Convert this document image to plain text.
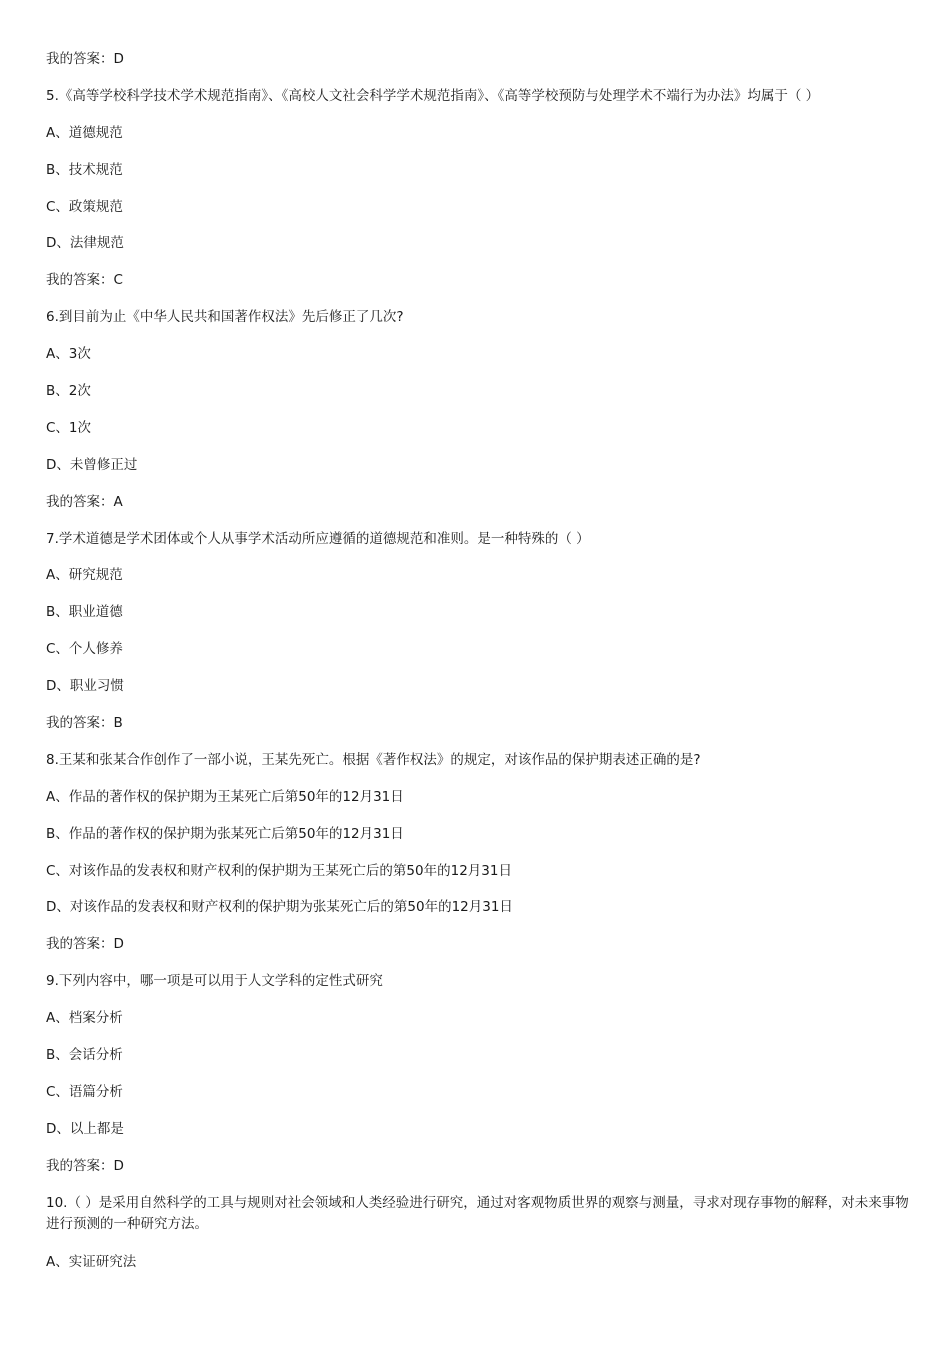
我的答案：D
5.《高等学校科学技术学术规范指南》、《高校人文社会科学学术规范指南》、《高等学校预防与处理学术不端行为办法》均属于（ ）
A、道德规范
B、技术规范
C、政策规范
D、法律规范
我的答案：C
6.到目前为止《中华人民共和国著作权法》先后修正了几次?
A、3次
B、2次
C、1次
D、未曾修正过
我的答案：A
7.学术道德是学术团体或个人从事学术活动所应遵循的道德规范和准则。是一种特殊的（ ）
A、研究规范
B、职业道德
C、个人修养
D、职业习惯
我的答案：B
8.王某和张某合作创作了一部小说，王某先死亡。根据《著作权法》的规定，对该作品的保护期表述正确的是?
A、作品的著作权的保护期为王某死亡后第50年的12月31日
B、作品的著作权的保护期为张某死亡后第50年的12月31日
C、对该作品的发表权和财产权利的保护期为王某死亡后的第50年的12月31日
D、对该作品的发表权和财产权利的保护期为张某死亡后的第50年的12月31日
我的答案：D
9.下列内容中，哪一项是可以用于人文学科的定性式研究
A、档案分析
B、会话分析
C、语篇分析
D、以上都是
我的答案：D
10.（ ）是采用自然科学的工具与规则对社会领域和人类经验进行研究，通过对客观物质世界的观察与测量，寻求对现存事物的解释，对未来事物进行预测的一种研究方法。
A、实证研究法
